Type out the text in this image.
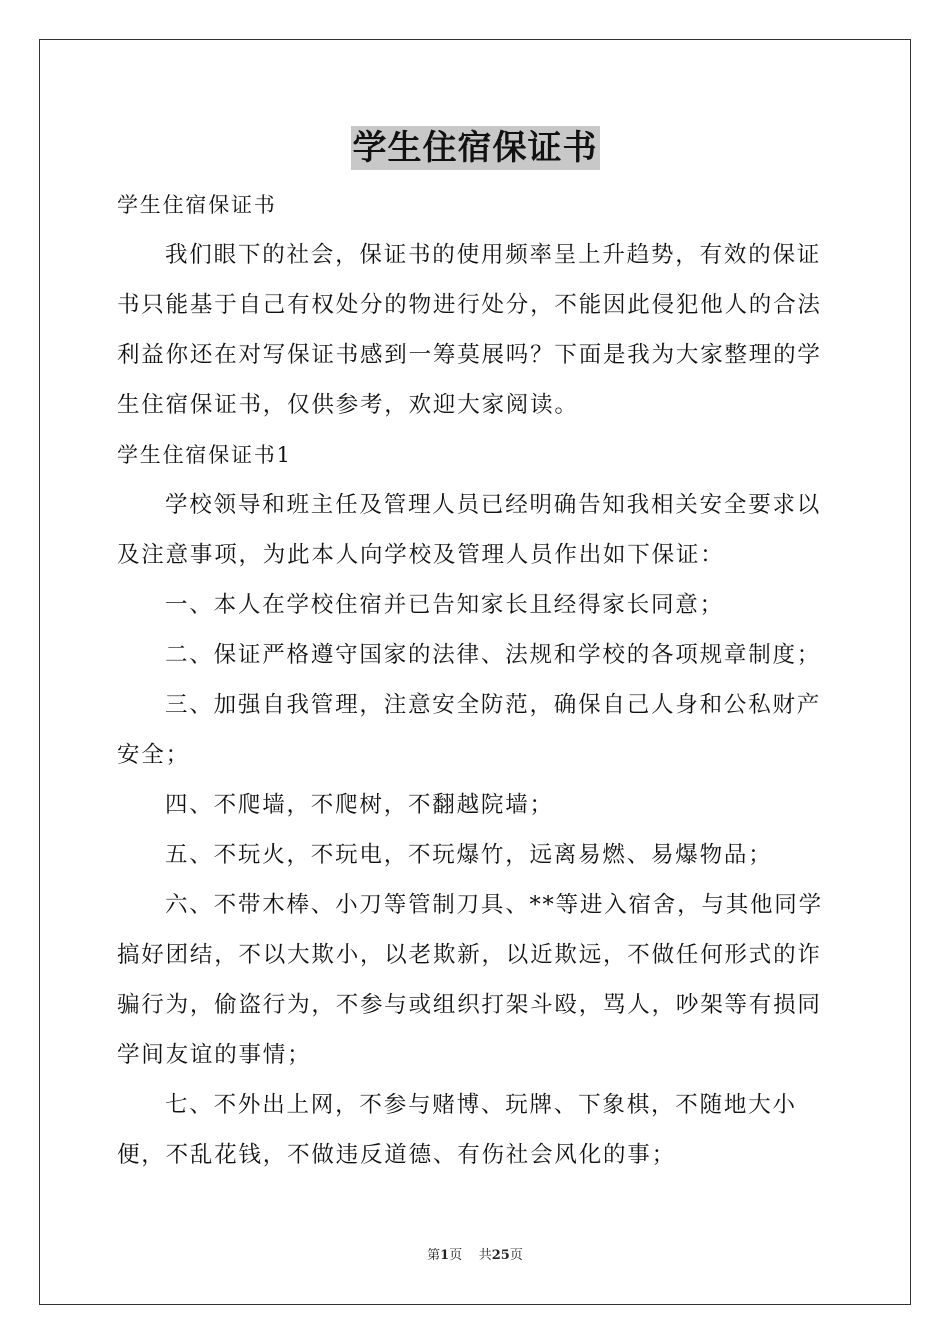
学生住宿保证书

学生住宿保证书

我们眼下的社会，保证书的使用频率呈上升趋势，有效的保证书只能基于自己有权处分的物进行处分，不能因此侵犯他人的合法利益你还在对写保证书感到一筹莫展吗？下面是我为大家整理的学生住宿保证书，仅供参考，欢迎大家阅读。

学生住宿保证书1

学校领导和班主任及管理人员已经明确告知我相关安全要求以及注意事项，为此本人向学校及管理人员作出如下保证：

一、本人在学校住宿并已告知家长且经得家长同意；

二、保证严格遵守国家的法律、法规和学校的各项规章制度；

三、加强自我管理，注意安全防范，确保自己人身和公私财产安全；

四、不爬墙，不爬树，不翻越院墙；

五、不玩火，不玩电，不玩爆竹，远离易燃、易爆物品；

六、不带木棒、小刀等管制刀具、**等进入宿舍，与其他同学搞好团结，不以大欺小，以老欺新，以近欺远，不做任何形式的诈骗行为，偷盗行为，不参与或组织打架斗殴，骂人，吵架等有损同学间友谊的事情；

七、不外出上网，不参与赌博、玩牌、下象棋，不随地大小便，不乱花钱，不做违反道德、有伤社会风化的事；

第1页 共25页
